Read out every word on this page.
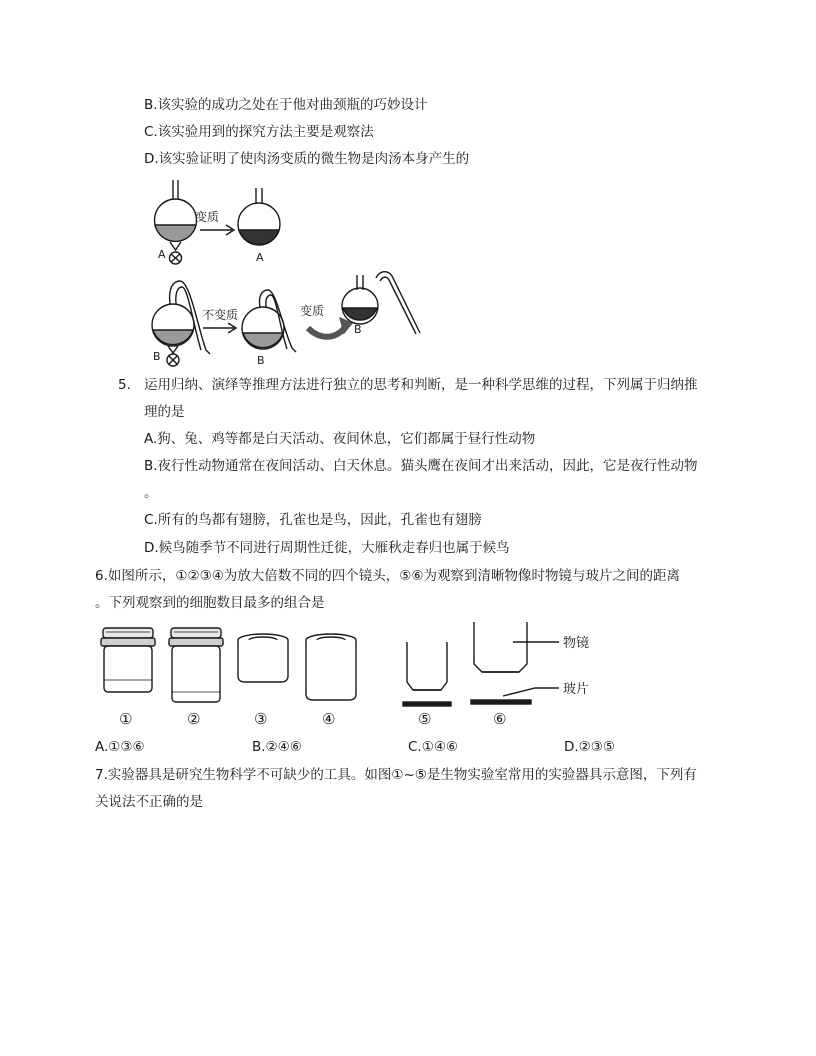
B.该实验的成功之处在于他对曲颈瓶的巧妙设计
C.该实验用到的探究方法主要是观察法
D.该实验证明了使肉汤变质的微生物是肉汤本身产生的
变质
A	A
不变质	变质
B	B
B
5. 运用归纳、演绎等推理方法进行独立的思考和判断，是一种科学思维的过程，下列属于归纳推
理的是
A.狗、兔、鸡等都是白天活动、夜间休息，它们都属于昼行性动物
B.夜行性动物通常在夜间活动、白天休息。猫头鹰在夜间才出来活动，因此，它是夜行性动物
。
C.所有的鸟都有翅膀，孔雀也是鸟，因此，孔雀也有翅膀
D.候鸟随季节不同进行周期性迁徙，大雁秋走春归也属于候鸟
6.如图所示，①②③④为放大倍数不同的四个镜头，⑤⑥为观察到清晰物像时物镜与玻片之间的距离
。下列观察到的细胞数目最多的组合是
物镜
玻片
①	②	③	④	⑤	⑥
A.①③⑥	B.②④⑥	C.①④⑥	D.②③⑤
7.实验器具是研究生物科学不可缺少的工具。如图①~⑤是生物实验室常用的实验器具示意图，下列有
关说法不正确的是
